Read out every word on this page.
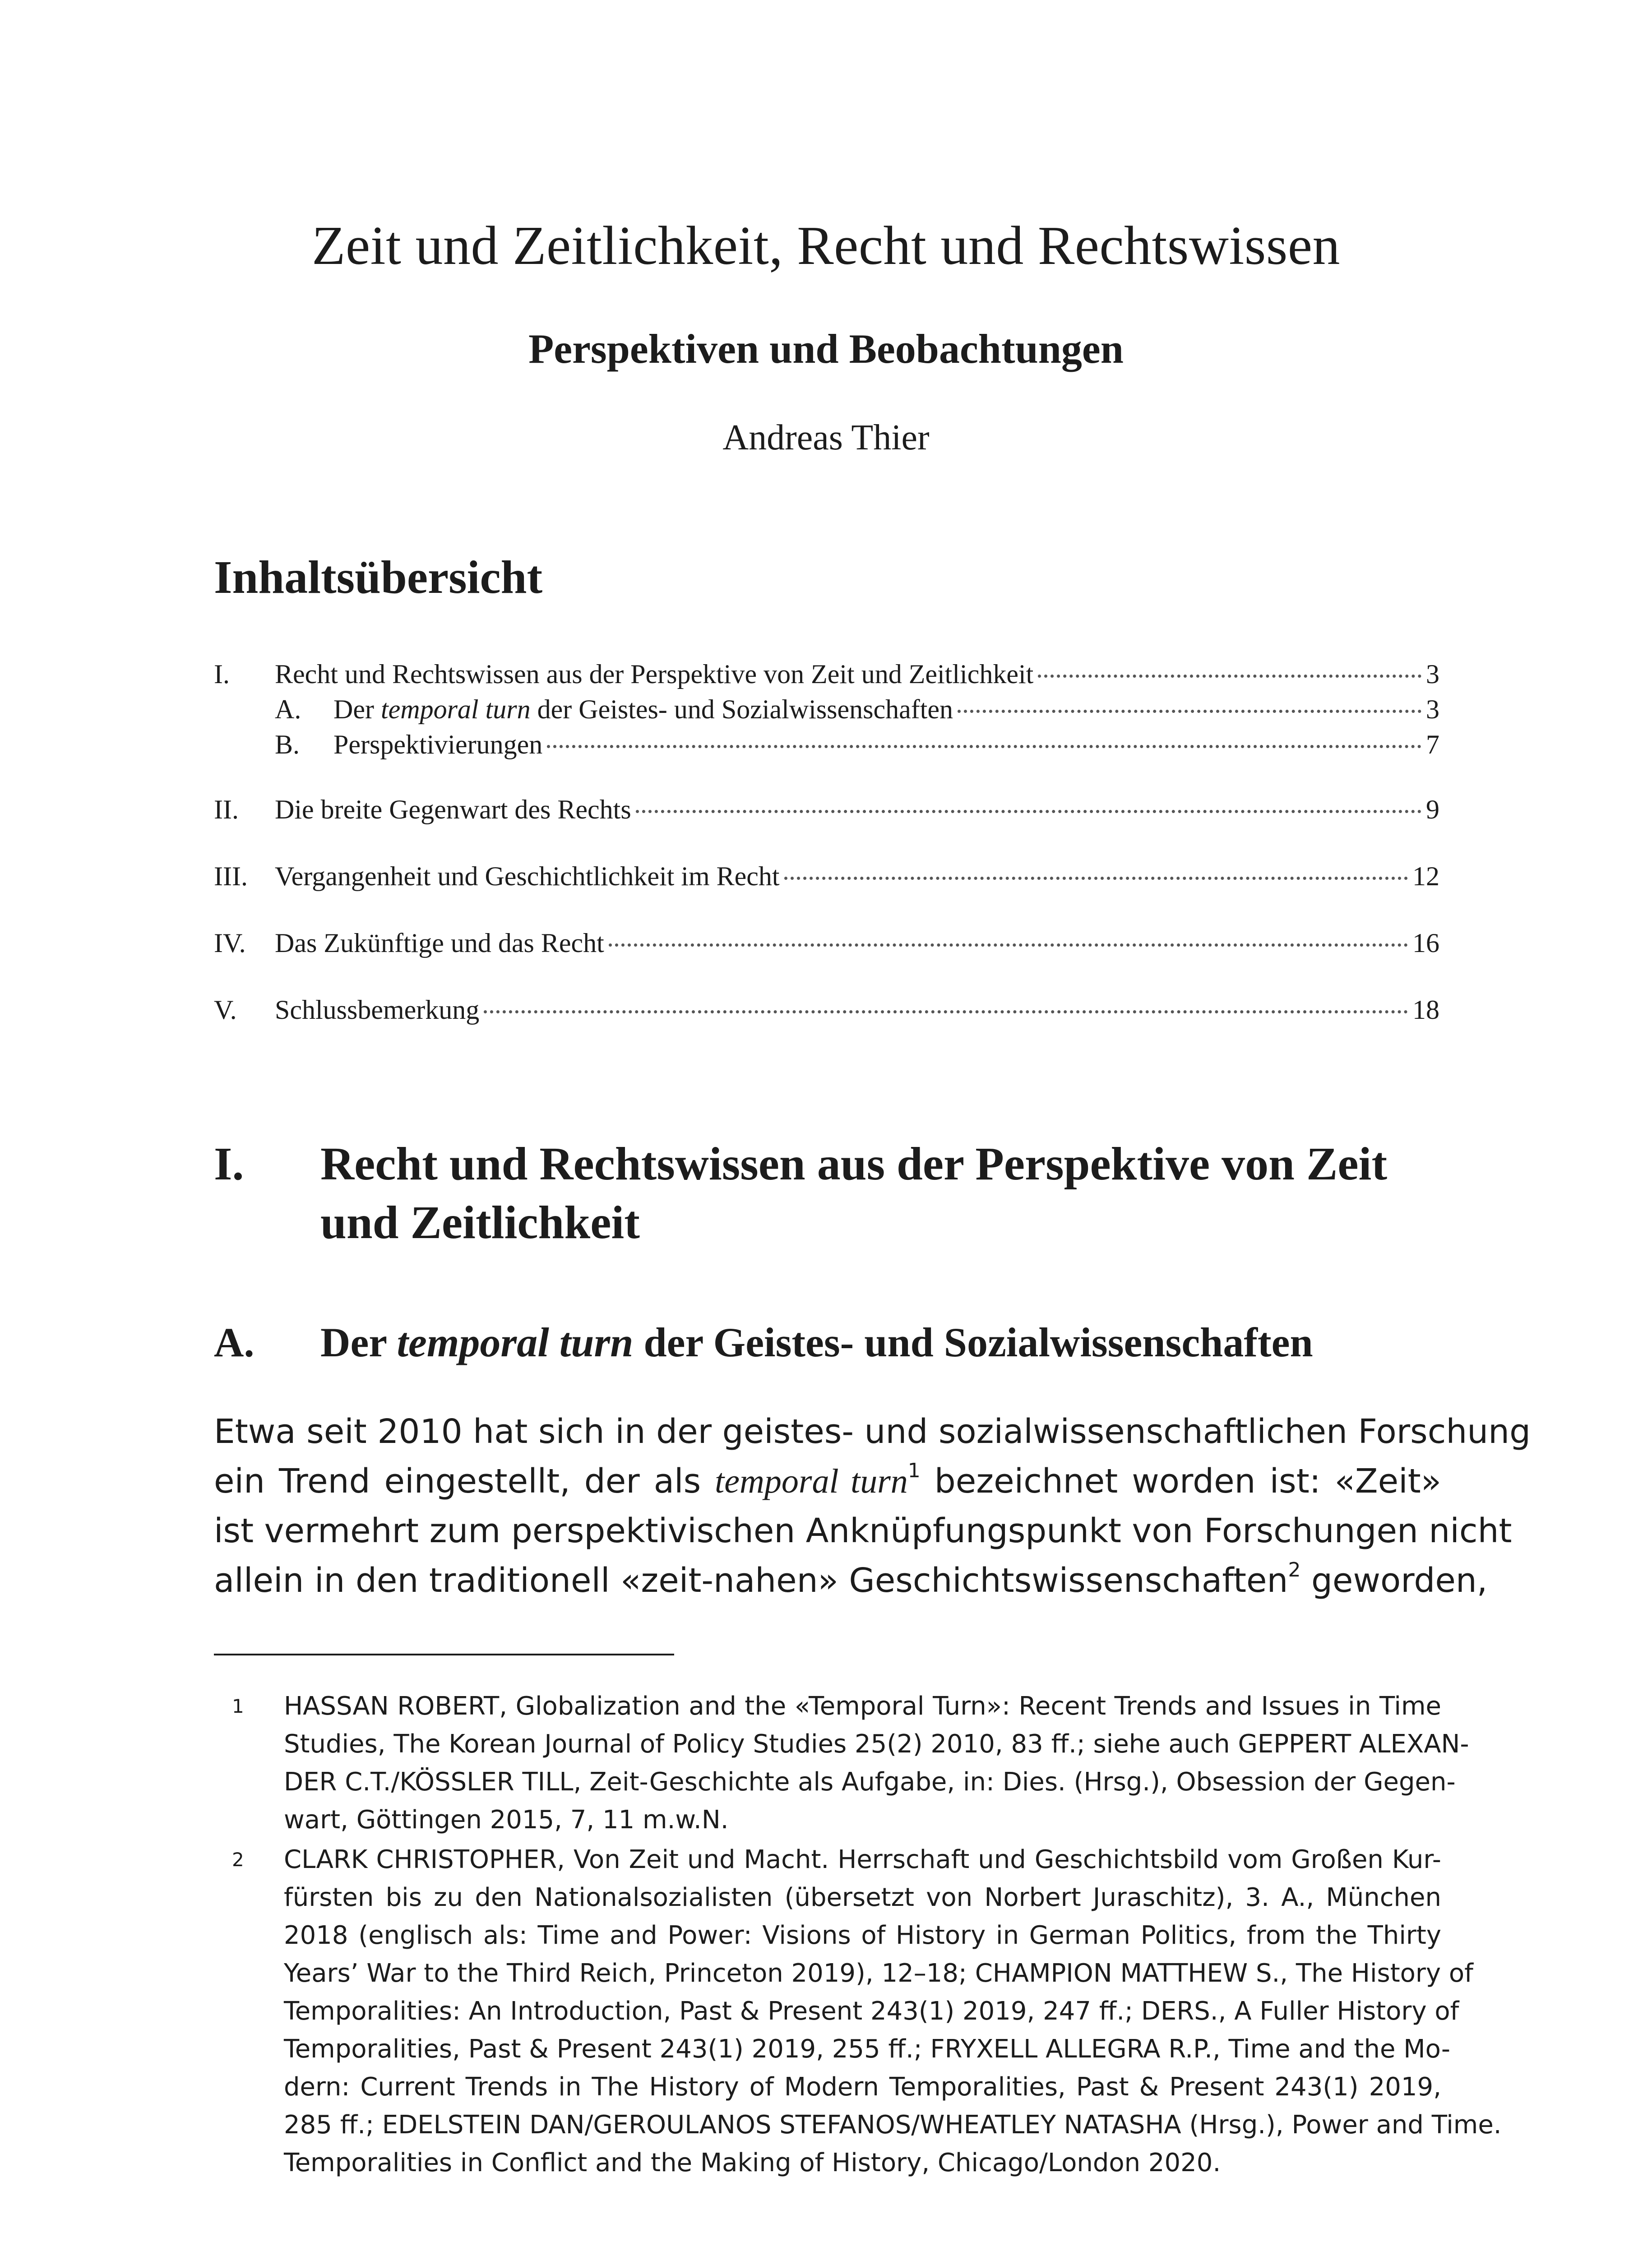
Zeit und Zeitlichkeit, Recht und Rechtswissen
Perspektiven und Beobachtungen
Andreas Thier
Inhaltsübersicht
I.	Recht und Rechtswissen aus der Perspektive von Zeit und Zeitlichkeit	3
A.	Der temporal turn der Geistes- und Sozialwissenschaften	3
B.	Perspektivierungen	7
II.	Die breite Gegenwart des Rechts	9
III.	Vergangenheit und Geschichtlichkeit im Recht	12
IV.	Das Zukünftige und das Recht	16
V.	Schlussbemerkung	18
I.	Recht und Rechtswissen aus der Perspektive von Zeit
und Zeitlichkeit
A. Der temporal turn der Geistes- und Sozialwissenschaften
Etwa seit 2010 hat sich in der geistes- und sozialwissenschaftlichen Forschung
ein Trend eingestellt, der als temporal turn$^1$ bezeichnet worden ist: «Zeit»
ist vermehrt zum perspektivischen Anknüpfungspunkt von Forschungen nicht
allein in den traditionell «zeit-nahen» Geschichtswissenschaften$^2$ geworden,
1 HASSAN ROBERT, Globalization and the «Temporal Turn»: Recent Trends and Issues in Time
Studies, The Korean Journal of Policy Studies 25(2) 2010, 83 ff.; siehe auch GEPPERT ALEXAN-
DER C.T./KÖSSLER TILL, Zeit-Geschichte als Aufgabe, in: Dies. (Hrsg.), Obsession der Gegen-
wart, Göttingen 2015, 7, 11 m.w.N.
2 CLARK CHRISTOPHER, Von Zeit und Macht. Herrschaft und Geschichtsbild vom Großen Kur-
fürsten bis zu den Nationalsozialisten (übersetzt von Norbert Juraschitz), 3. A., München
2018 (englisch als: Time and Power: Visions of History in German Politics, from the Thirty
Years’ War to the Third Reich, Princeton 2019), 12–18; CHAMPION MATTHEW S., The History of
Temporalities: An Introduction, Past & Present 243(1) 2019, 247 ff.; DERS., A Fuller History of
Temporalities, Past & Present 243(1) 2019, 255 ff.; FRYXELL ALLEGRA R.P., Time and the Mo-
dern: Current Trends in The History of Modern Temporalities, Past & Present 243(1) 2019,
285 ff.; EDELSTEIN DAN/GEROULANOS STEFANOS/WHEATLEY NATASHA (Hrsg.), Power and Time.
Temporalities in Conflict and the Making of History, Chicago/London 2020.
